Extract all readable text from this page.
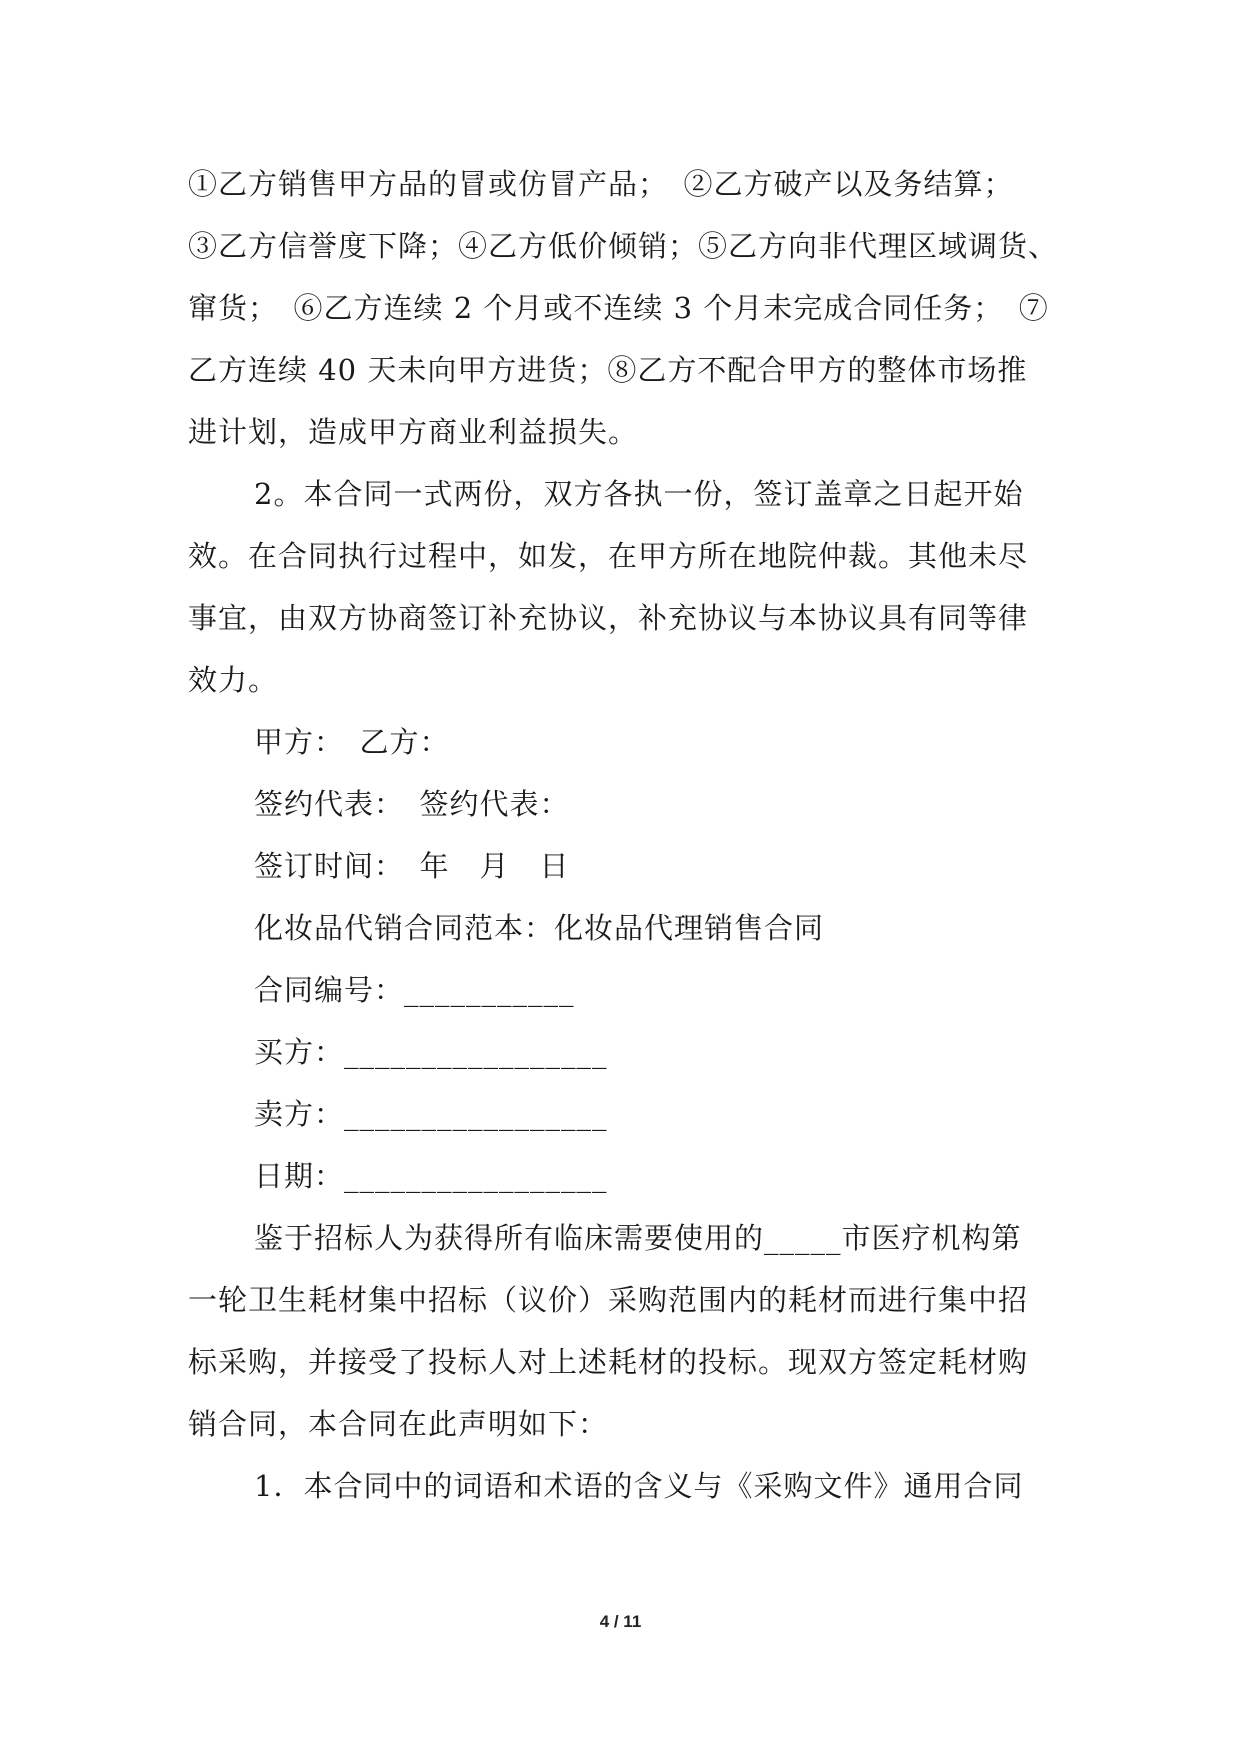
①乙方销售甲方品的冒或仿冒产品；　②乙方破产以及务结算；
③乙方信誉度下降；④乙方低价倾销；⑤乙方向非代理区域调货、
窜货；　⑥乙方连续 2 个月或不连续 3 个月未完成合同任务；　⑦
乙方连续 40 天未向甲方进货；⑧乙方不配合甲方的整体市场推
进计划，造成甲方商业利益损失。
2。本合同一式两份，双方各执一份，签订盖章之日起开始
效。在合同执行过程中，如发，在甲方所在地院仲裁。其他未尽
事宜，由双方协商签订补充协议，补充协议与本协议具有同等律
效力。
甲方：　乙方：
签约代表：　签约代表：
签订时间：　年　月　日
化妆品代销合同范本：化妆品代理销售合同
合同编号：___________
买方：_________________
卖方：_________________
日期：_________________
鉴于招标人为获得所有临床需要使用的_____市医疗机构第
一轮卫生耗材集中招标（议价）采购范围内的耗材而进行集中招
标采购，并接受了投标人对上述耗材的投标。现双方签定耗材购
销合同，本合同在此声明如下：
1．本合同中的词语和术语的含义与《采购文件》通用合同
4 / 11
